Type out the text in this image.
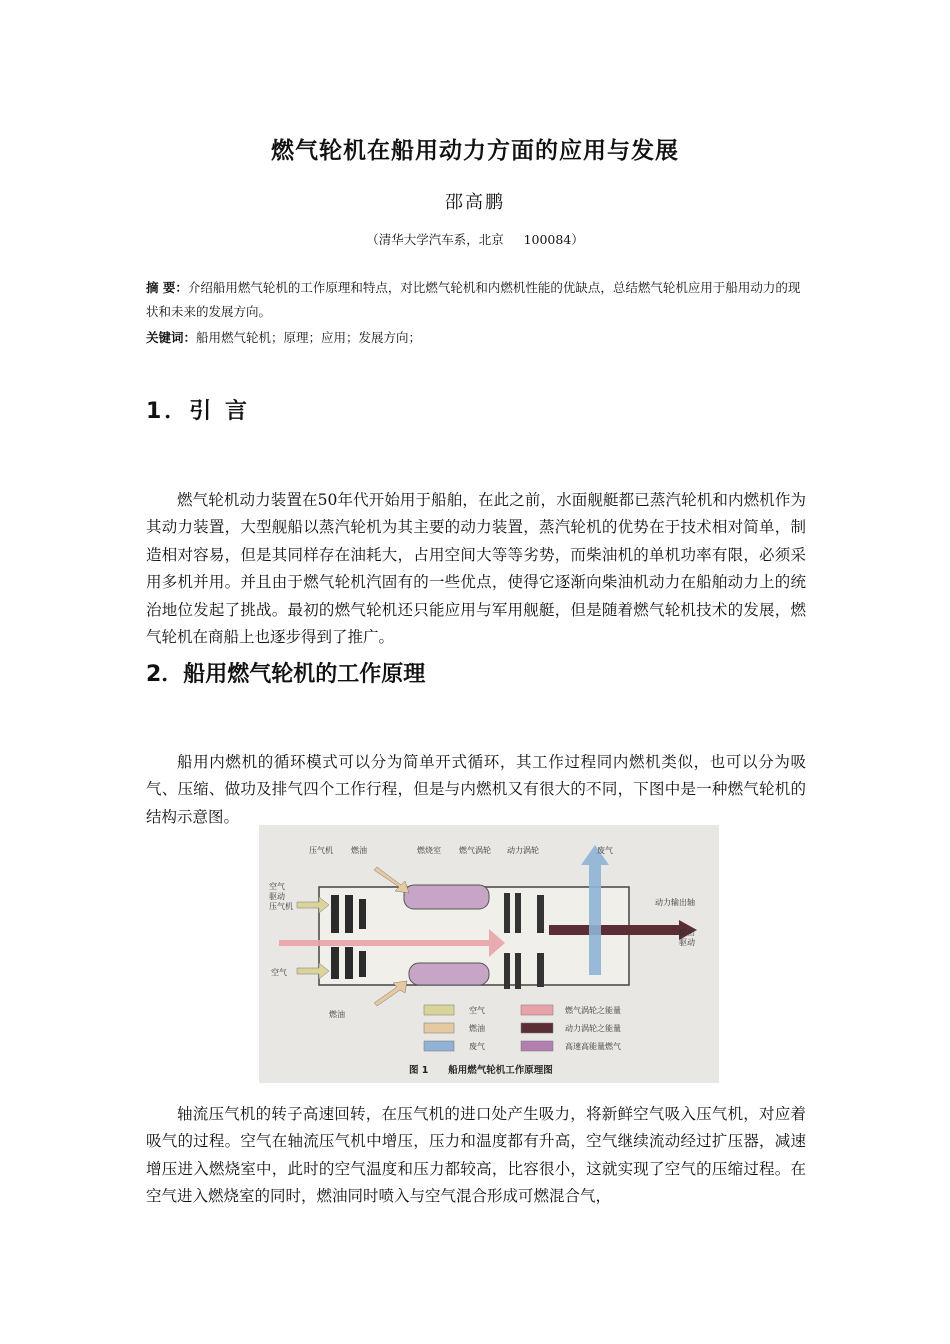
燃气轮机在船用动力方面的应用与发展
邵高鹏
（清华大学汽车系，北京     100084）
摘 要：介绍船用燃气轮机的工作原理和特点，对比燃气轮机和内燃机性能的优缺点，总结燃气轮机应用于船用动力的现状和未来的发展方向。
关键词：船用燃气轮机；原理；应用；发展方向；
1．引 言
燃气轮机动力装置在50年代开始用于船舶，在此之前，水面舰艇都已蒸汽轮机和内燃机作为其动力装置，大型舰船以蒸汽轮机为其主要的动力装置，蒸汽轮机的优势在于技术相对简单，制造相对容易，但是其同样存在油耗大，占用空间大等等劣势，而柴油机的单机功率有限，必须采用多机并用。并且由于燃气轮机汽固有的一些优点，使得它逐渐向柴油机动力在船舶动力上的统治地位发起了挑战。最初的燃气轮机还只能应用与军用舰艇，但是随着燃气轮机技术的发展，燃气轮机在商船上也逐步得到了推广。
2．船用燃气轮机的工作原理
船用内燃机的循环模式可以分为简单开式循环，其工作过程同内燃机类似，也可以分为吸气、压缩、做功及排气四个工作行程，但是与内燃机又有很大的不同，下图中是一种燃气轮机的结构示意图。
压气机 燃油	燃烧室 燃气涡轮 动力涡轮	废气
空气驱动压气机
空气
燃油
动力输出轴
输出驱动
空气
燃油
废气
燃气涡轮之能量
动力涡轮之能量
高速高能量燃气
图 1      船用燃气轮机工作原理图
轴流压气机的转子高速回转，在压气机的进口处产生吸力，将新鲜空气吸入压气机，对应着吸气的过程。空气在轴流压气机中增压，压力和温度都有升高，空气继续流动经过扩压器，减速增压进入燃烧室中，此时的空气温度和压力都较高，比容很小，这就实现了空气的压缩过程。在空气进入燃烧室的同时，燃油同时喷入与空气混合形成可燃混合气，
